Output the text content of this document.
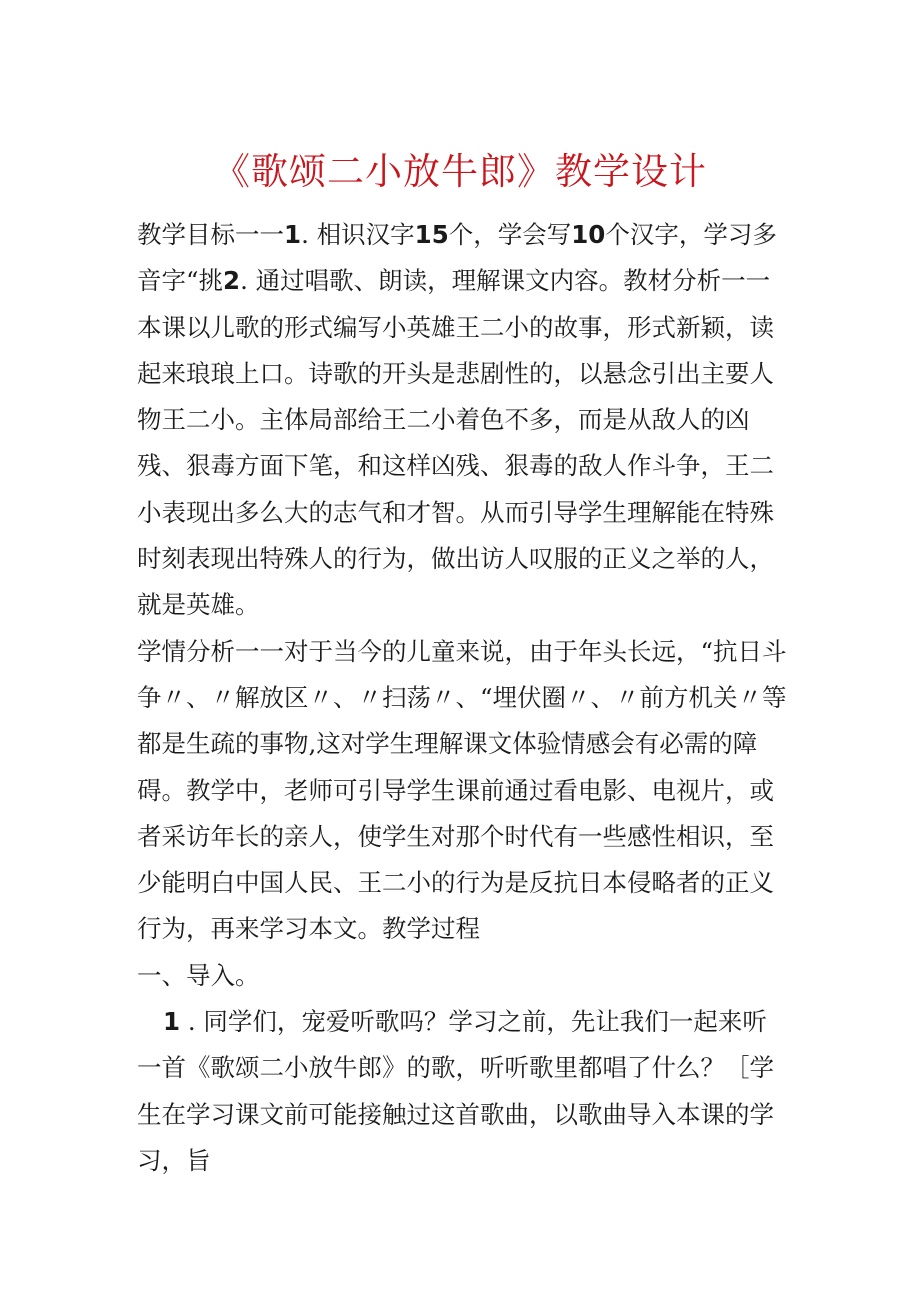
《歌颂二小放牛郎》教学设计

教学目标一一1. 相识汉字15个，学会写10个汉字，学习多音字“挑2. 通过唱歌、朗读，理解课文内容。教材分析一一本课以儿歌的形式编写小英雄王二小的故事，形式新颖，读起来琅琅上口。诗歌的开头是悲剧性的，以悬念引出主要人物王二小。主体局部给王二小着色不多，而是从敌人的凶残、狠毒方面下笔，和这样凶残、狠毒的敌人作斗争，王二小表现出多么大的志气和才智。从而引导学生理解能在特殊时刻表现出特殊人的行为，做出访人叹服的正义之举的人，就是英雄。

学情分析一一对于当今的儿童来说，由于年头长远，“抗日斗争〃、〃解放区〃、〃扫荡〃、“埋伏圈〃、〃前方机关〃等都是生疏的事物,这对学生理解课文体验情感会有必需的障碍。教学中，老师可引导学生课前通过看电影、电视片，或者采访年长的亲人，使学生对那个时代有一些感性相识，至少能明白中国人民、王二小的行为是反抗日本侵略者的正义行为，再来学习本文。教学过程

一、导入。

1 . 同学们，宠爱听歌吗？学习之前，先让我们一起来听一首《歌颂二小放牛郎》的歌，听听歌里都唱了什么？［学生在学习课文前可能接触过这首歌曲，以歌曲导入本课的学习，旨
